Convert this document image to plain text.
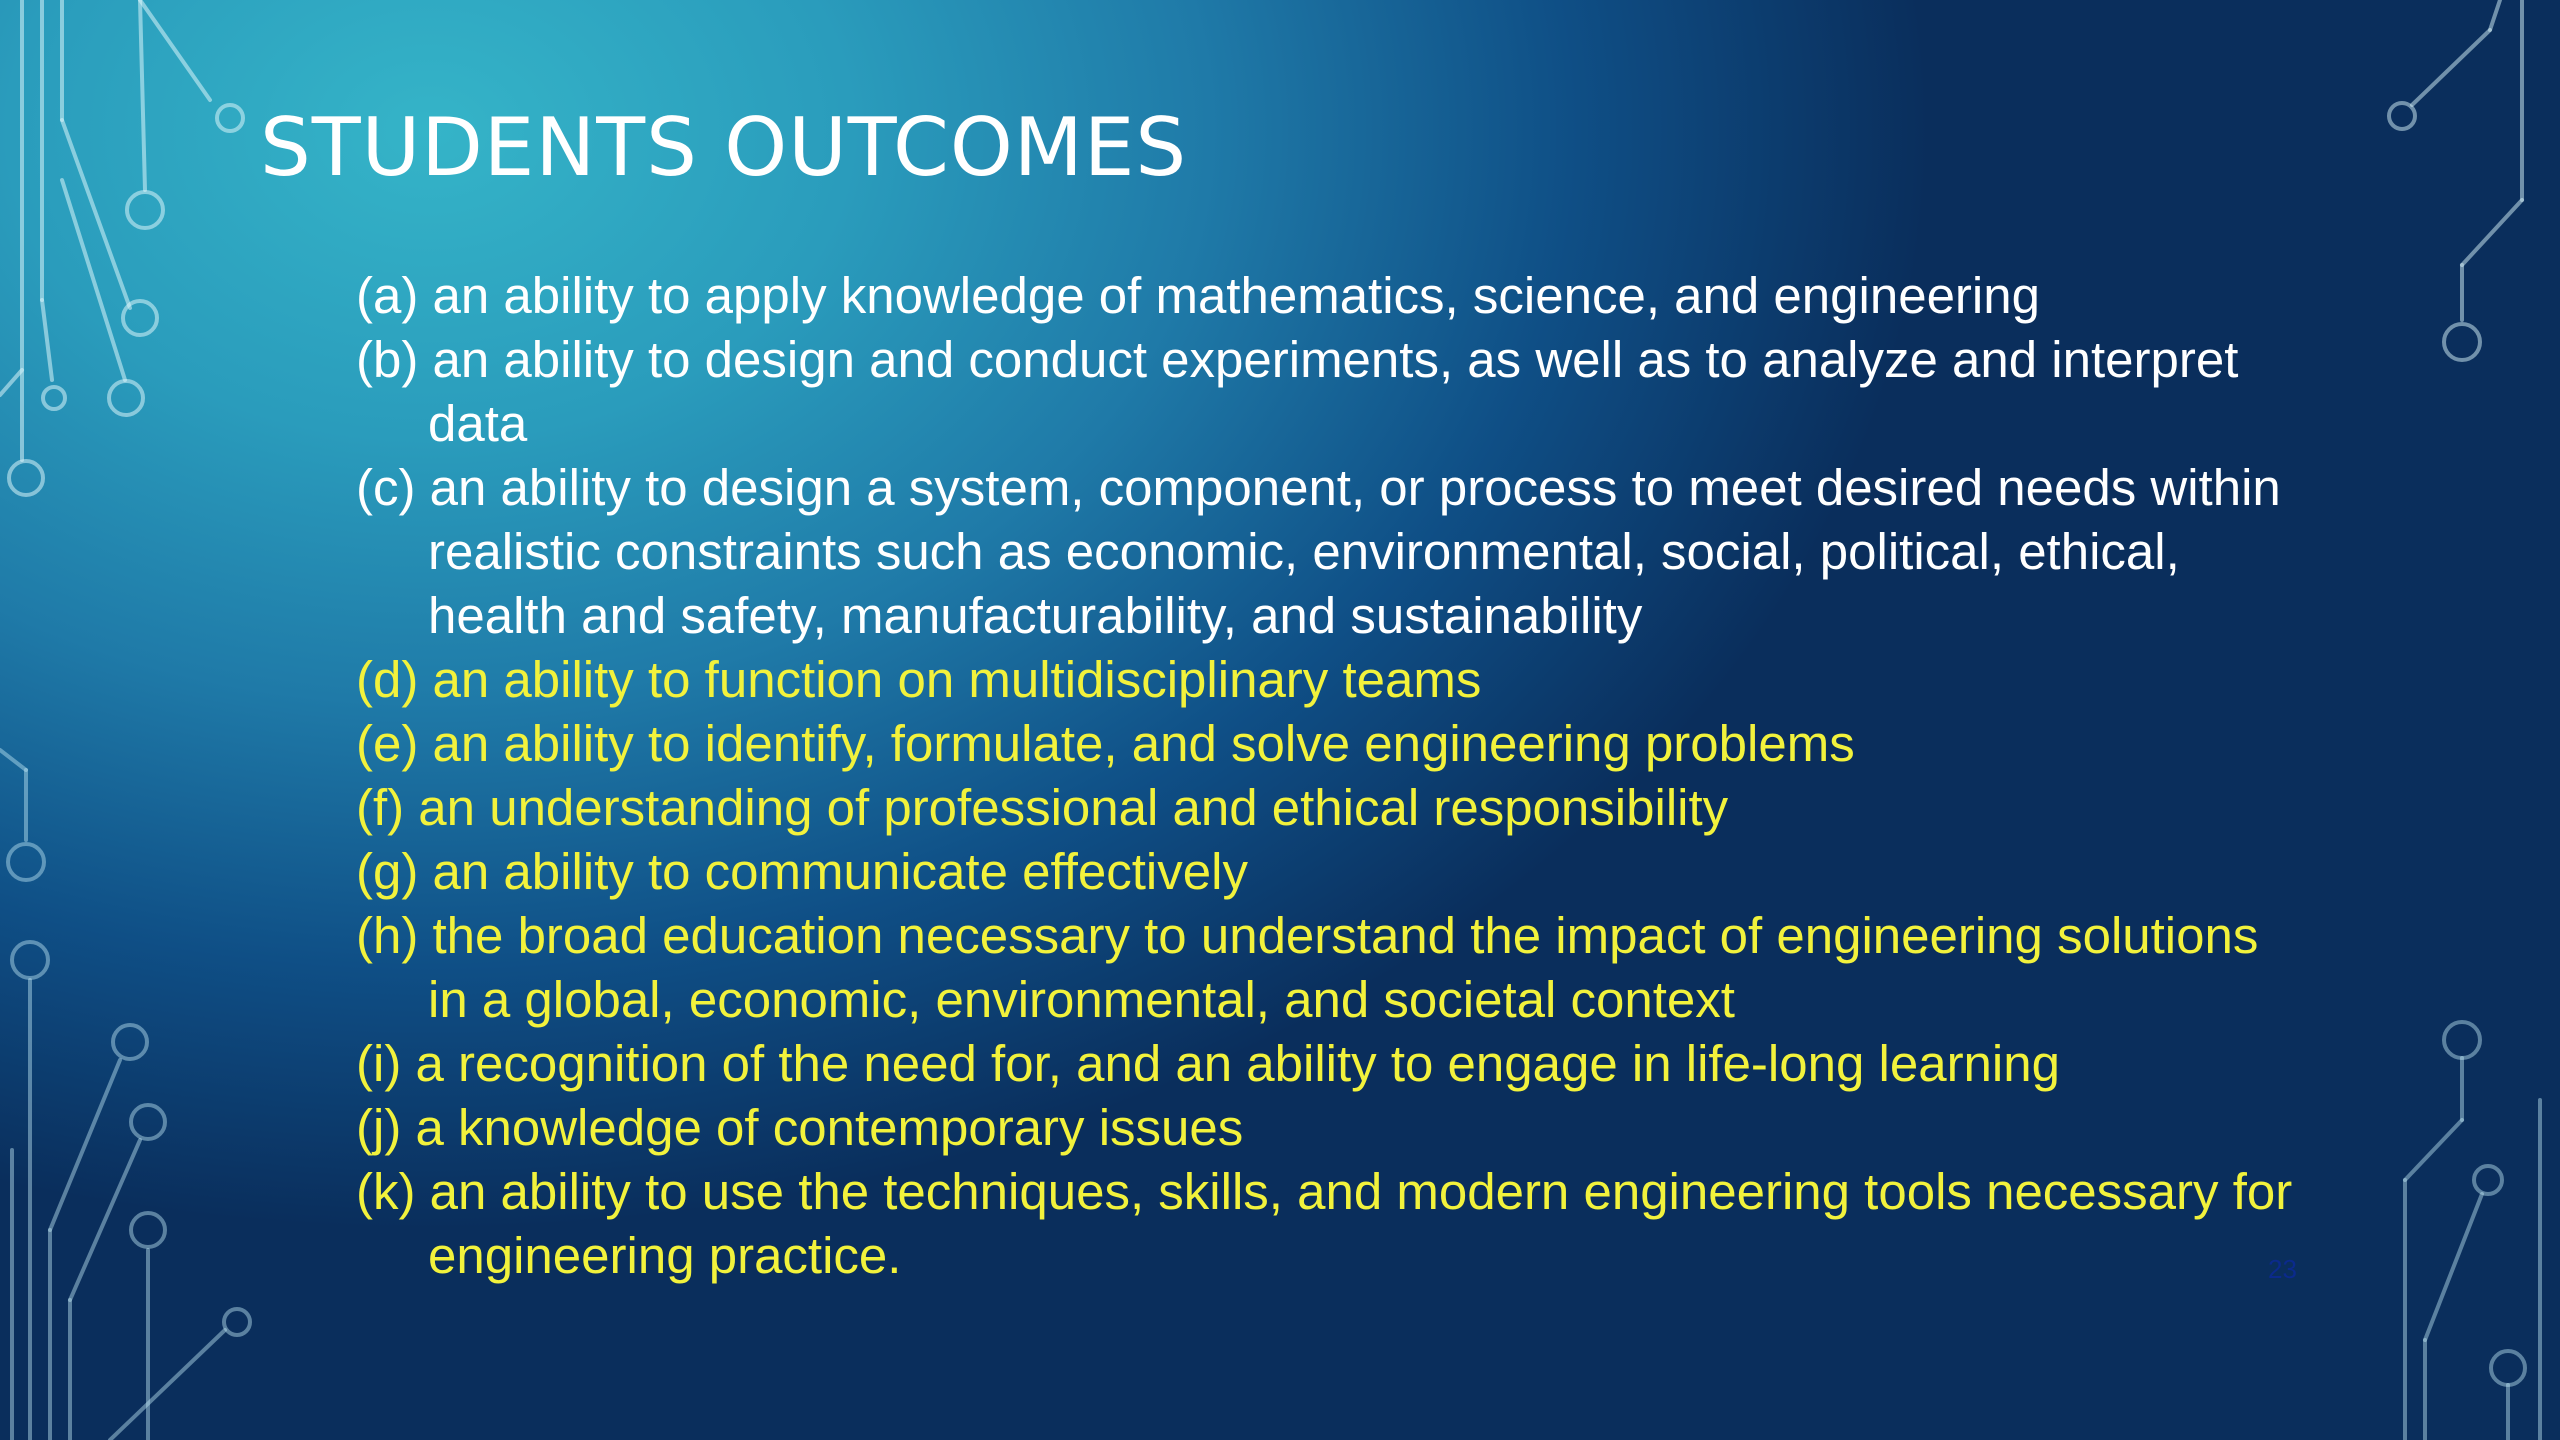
STUDENTS OUTCOMES
(a) an ability to apply knowledge of mathematics, science, and engineering
(b) an ability to design and conduct experiments, as well as to analyze and interpret data
(c) an ability to design a system, component, or process to meet desired needs within realistic constraints such as economic, environmental, social, political, ethical, health and safety, manufacturability, and sustainability
(d) an ability to function on multidisciplinary teams
(e) an ability to identify, formulate, and solve engineering problems
(f) an understanding of professional and ethical responsibility
(g) an ability to communicate effectively
(h) the broad education necessary to understand the impact of engineering solutions in a global, economic, environmental, and societal context
(i) a recognition of the need for, and an ability to engage in life-long learning
(j) a knowledge of contemporary issues
(k) an ability to use the techniques, skills, and modern engineering tools necessary for engineering practice.	23
